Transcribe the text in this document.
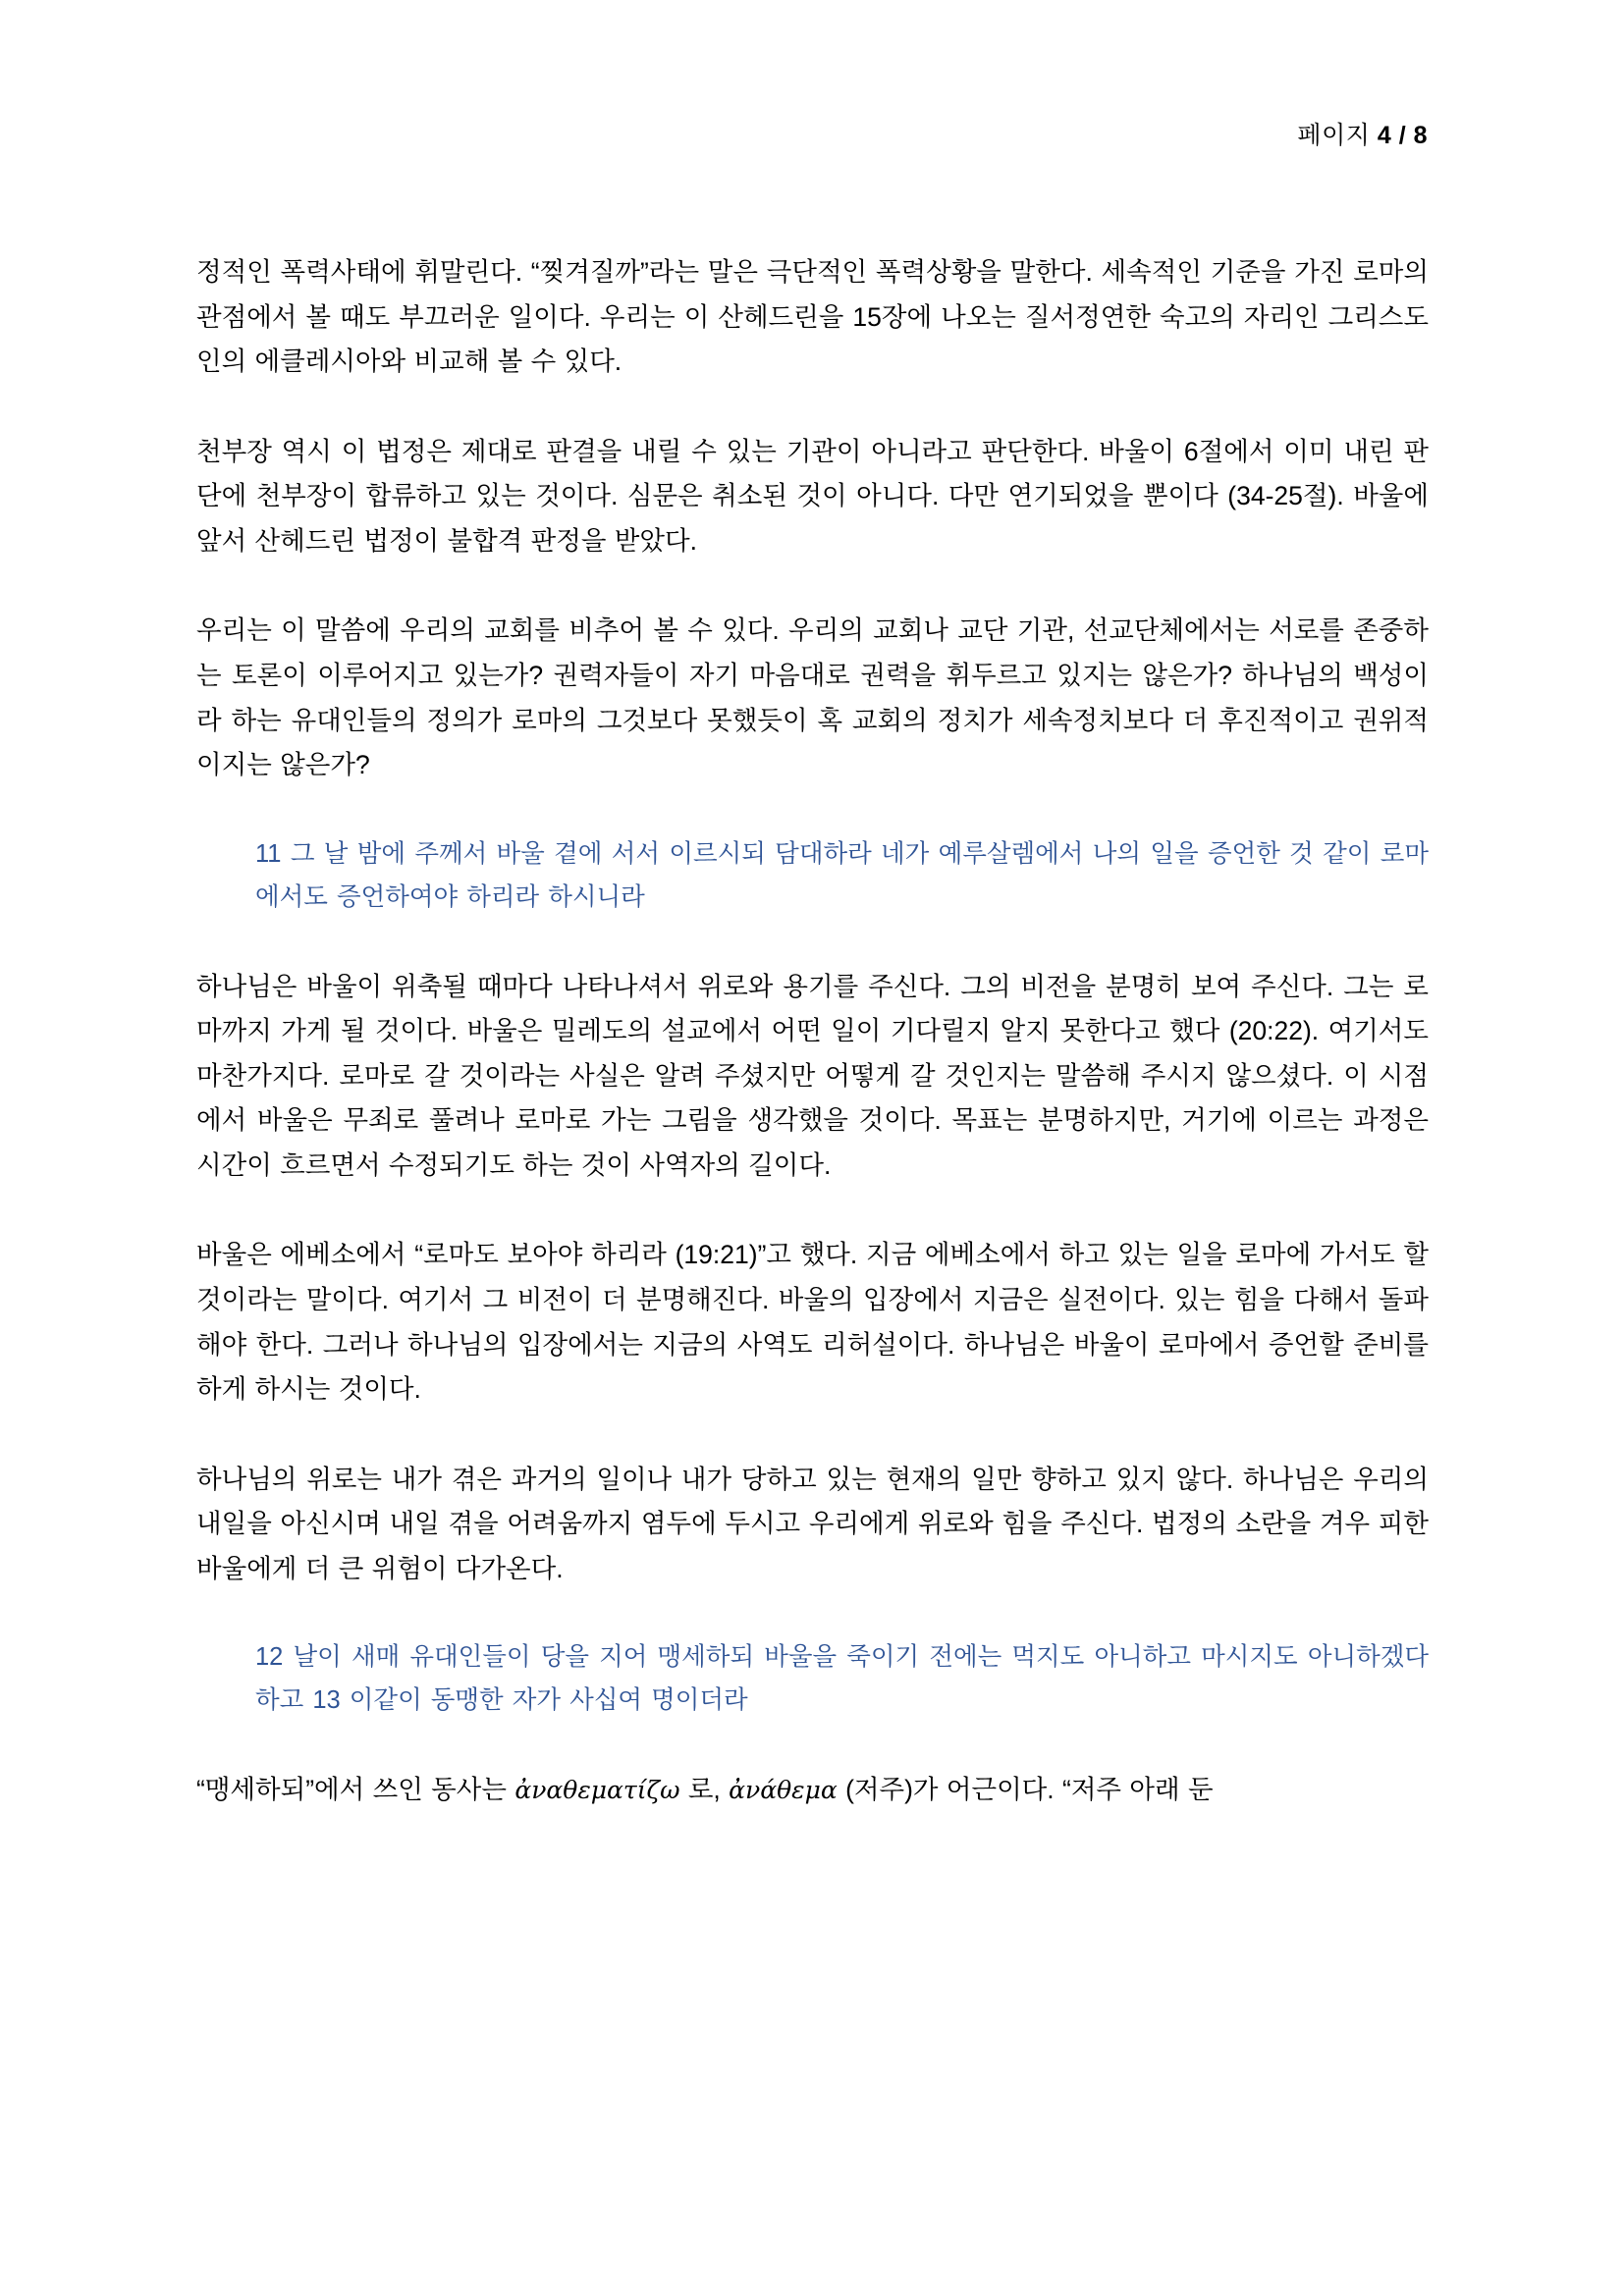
페이지 4 / 8

정적인 폭력사태에 휘말린다. “찢겨질까”라는 말은 극단적인 폭력상황을 말한다. 세속적인 기준을 가진 로마의 관점에서 볼 때도 부끄러운 일이다. 우리는 이 산헤드린을 15장에 나오는 질서정연한 숙고의 자리인 그리스도인의 에클레시아와 비교해 볼 수 있다.

천부장 역시 이 법정은 제대로 판결을 내릴 수 있는 기관이 아니라고 판단한다. 바울이 6절에서 이미 내린 판단에 천부장이 합류하고 있는 것이다. 심문은 취소된 것이 아니다. 다만 연기되었을 뿐이다 (34-25절). 바울에 앞서 산헤드린 법정이 불합격 판정을 받았다.

우리는 이 말씀에 우리의 교회를 비추어 볼 수 있다. 우리의 교회나 교단 기관, 선교단체에서는 서로를 존중하는 토론이 이루어지고 있는가? 권력자들이 자기 마음대로 권력을 휘두르고 있지는 않은가? 하나님의 백성이라 하는 유대인들의 정의가 로마의 그것보다 못했듯이 혹 교회의 정치가 세속정치보다 더 후진적이고 권위적이지는 않은가?

11 그 날 밤에 주께서 바울 곁에 서서 이르시되 담대하라 네가 예루살렘에서 나의 일을 증언한 것 같이 로마에서도 증언하여야 하리라 하시니라

하나님은 바울이 위축될 때마다 나타나셔서 위로와 용기를 주신다. 그의 비전을 분명히 보여 주신다. 그는 로마까지 가게 될 것이다. 바울은 밀레도의 설교에서 어떤 일이 기다릴지 알지 못한다고 했다 (20:22). 여기서도 마찬가지다. 로마로 갈 것이라는 사실은 알려 주셨지만 어떻게 갈 것인지는 말씀해 주시지 않으셨다. 이 시점에서 바울은 무죄로 풀려나 로마로 가는 그림을 생각했을 것이다. 목표는 분명하지만, 거기에 이르는 과정은 시간이 흐르면서 수정되기도 하는 것이 사역자의 길이다.

바울은 에베소에서 “로마도 보아야 하리라 (19:21)”고 했다. 지금 에베소에서 하고 있는 일을 로마에 가서도 할 것이라는 말이다. 여기서 그 비전이 더 분명해진다. 바울의 입장에서 지금은 실전이다. 있는 힘을 다해서 돌파해야 한다. 그러나 하나님의 입장에서는 지금의 사역도 리허설이다. 하나님은 바울이 로마에서 증언할 준비를 하게 하시는 것이다.

하나님의 위로는 내가 겪은 과거의 일이나 내가 당하고 있는 현재의 일만 향하고 있지 않다. 하나님은 우리의 내일을 아신시며 내일 겪을 어려움까지 염두에 두시고 우리에게 위로와 힘을 주신다. 법정의 소란을 겨우 피한 바울에게 더 큰 위험이 다가온다.

12 날이 새매 유대인들이 당을 지어 맹세하되 바울을 죽이기 전에는 먹지도 아니하고 마시지도 아니하겠다 하고 13 이같이 동맹한 자가 사십여 명이더라

“맹세하되”에서 쓰인 동사는 ἀναθεματίζω 로, ἀνάθεμα (저주)가 어근이다. “저주 아래 둔
